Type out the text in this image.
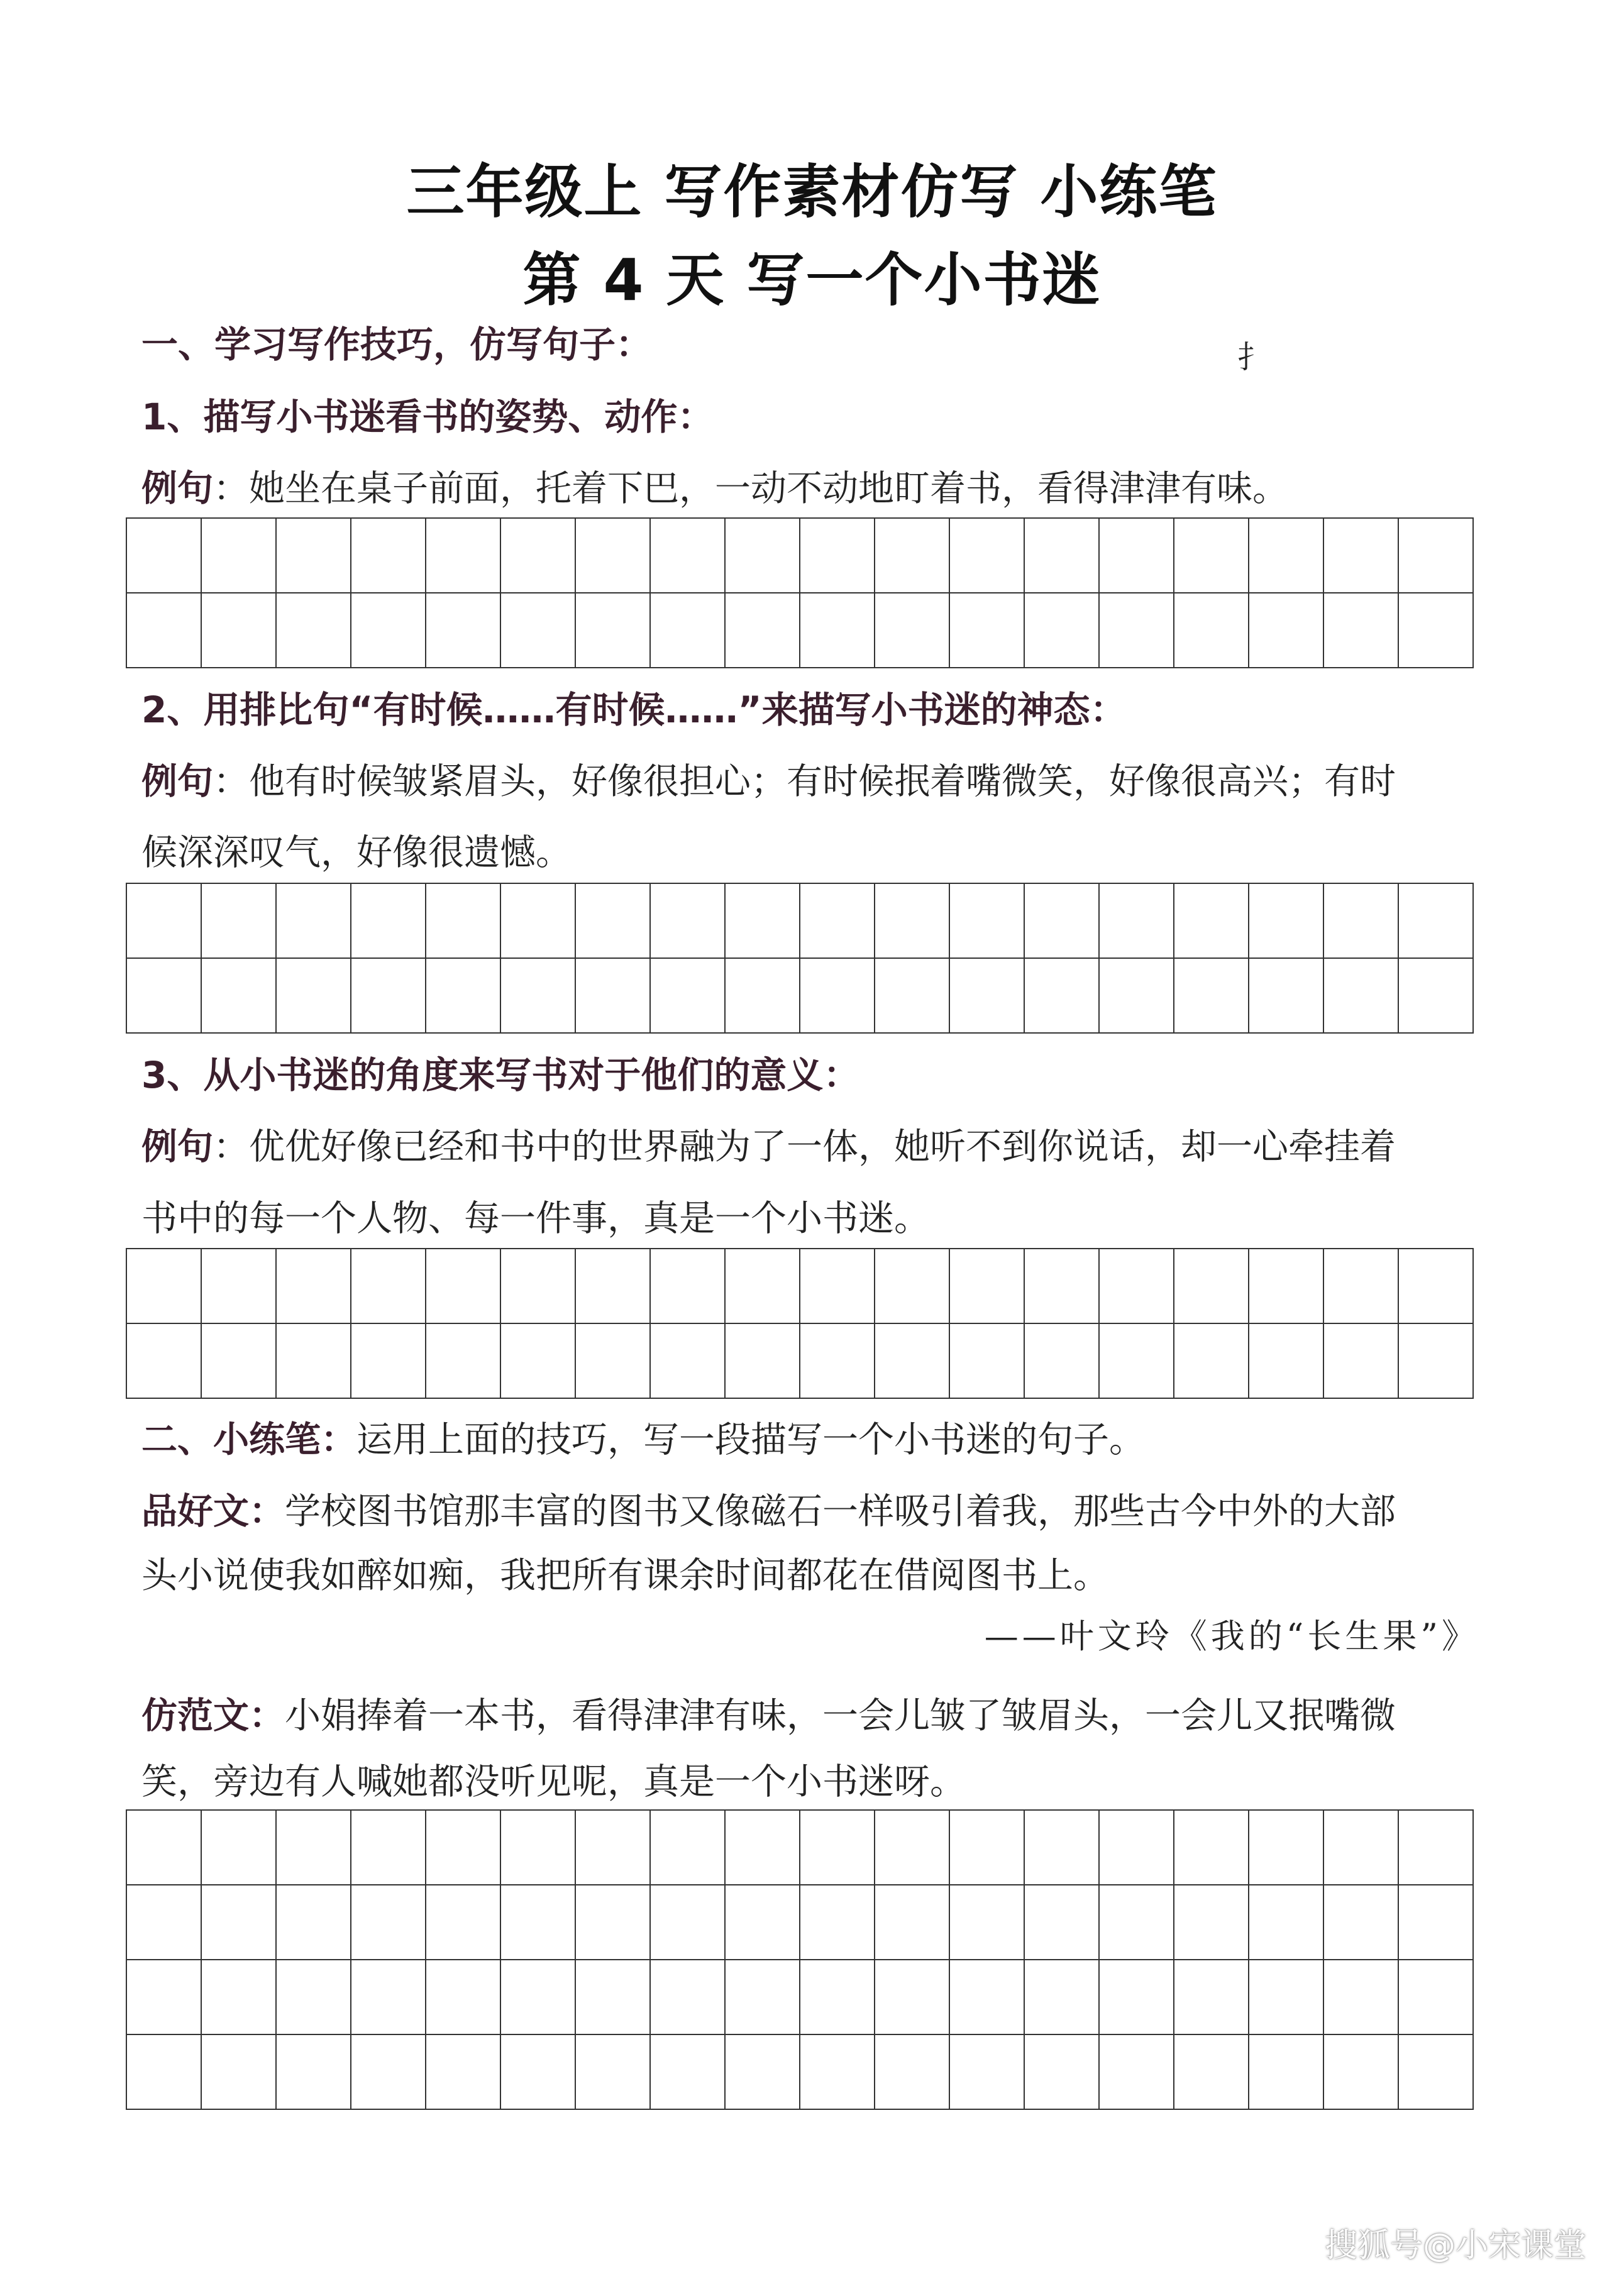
三年级上 写作素材仿写 小练笔
第 4 天 写一个小书迷
一、学习写作技巧，仿写句子：	扌
1、描写小书迷看书的姿势、动作：
例句：她坐在桌子前面，托着下巴，一动不动地盯着书，看得津津有味。
2、用排比句“有时候……有时候……”来描写小书迷的神态：
例句：他有时候皱紧眉头，好像很担心；有时候抿着嘴微笑，好像很高兴；有时
候深深叹气，好像很遗憾。
3、从小书迷的角度来写书对于他们的意义：
例句：优优好像已经和书中的世界融为了一体，她听不到你说话，却一心牵挂着
书中的每一个人物、每一件事，真是一个小书迷。
二、小练笔：运用上面的技巧，写一段描写一个小书迷的句子。
品好文：学校图书馆那丰富的图书又像磁石一样吸引着我，那些古今中外的大部
头小说使我如醉如痴，我把所有课余时间都花在借阅图书上。
——叶文玲《我的“长生果”》
仿范文：小娟捧着一本书，看得津津有味，一会儿皱了皱眉头，一会儿又抿嘴微
笑，旁边有人喊她都没听见呢，真是一个小书迷呀。
搜狐号@小宋课堂
